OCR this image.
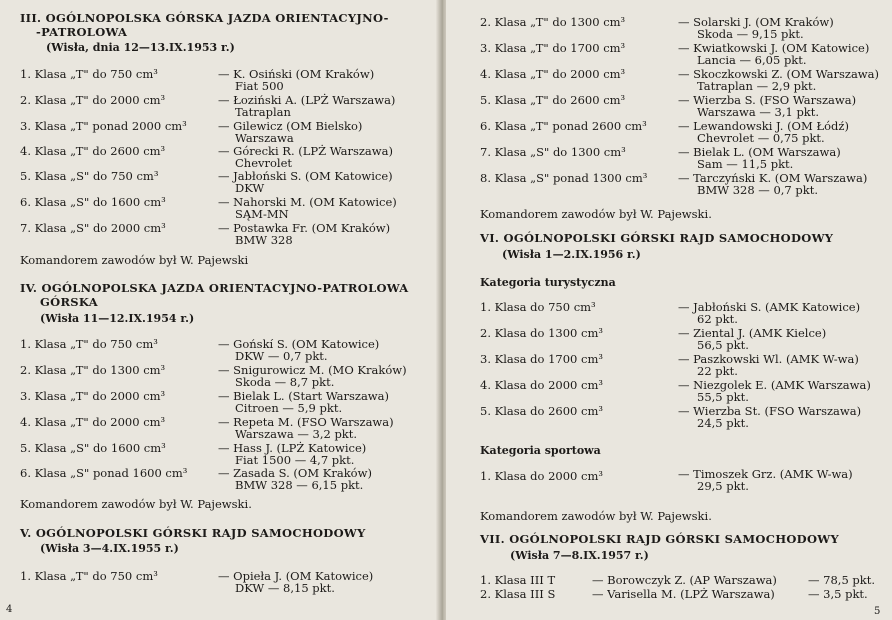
III. OGÓLNOPOLSKA GÓRSKA JAZDA ORIENTACYJNO-
-PATROLOWA
(Wisła, dnia 12—13.IX.1953 r.)
1. Klasa „T" do 750 cm³	— K. Osiński (OM Kraków)
Fiat 500
2. Klasa „T" do 2000 cm³	— Łoziński A. (LPŻ Warszawa)
Tatraplan
3. Klasa „T" ponad 2000 cm³	— Gilewicz (OM Bielsko)
Warszawa
4. Klasa „T" do 2600 cm³	— Górecki R. (LPŻ Warszawa)
Chevrolet
5. Klasa „S" do 750 cm³	— Jabłoński S. (OM Katowice)
DKW
6. Klasa „S" do 1600 cm³	— Nahorski M. (OM Katowice)
SĄM-MN
7. Klasa „S" do 2000 cm³	— Postawka Fr. (OM Kraków)
BMW 328
Komandorem zawodów był W. Pajewski
IV. OGÓLNOPOLSKA JAZDA ORIENTACYJNO-PATROLOWA
GÓRSKA
(Wisła 11—12.IX.1954 r.)
1. Klasa „T" do 750 cm³	— Gońskí S. (OM Katowice)
DKW — 0,7 pkt.
2. Klasa „T" do 1300 cm³	— Snigurowicz M. (MO Kraków)
Skoda — 8,7 pkt.
3. Klasa „T" do 2000 cm³	— Bielak L. (Start Warszawa)
Citroen — 5,9 pkt.
4. Klasa „T" do 2000 cm³	— Repeta M. (FSO Warszawa)
Warszawa — 3,2 pkt.
5. Klasa „S" do 1600 cm³	— Hass J. (LPŻ Katowice)
Fiat 1500 — 4,7 pkt.
6. Klasa „S" ponad 1600 cm³	— Zasada S. (OM Kraków)
BMW 328 — 6,15 pkt.
Komandorem zawodów był W. Pajewski.
V. OGÓLNOPOLSKI GÓRSKI RAJD SAMOCHODOWY
(Wisła 3—4.IX.1955 r.)
1. Klasa „T" do 750 cm³	— Opieła J. (OM Katowice)
DKW — 8,15 pkt.
4
2. Klasa „T" do 1300 cm³	— Solarski J. (OM Kraków)
Skoda — 9,15 pkt.
3. Klasa „T" do 1700 cm³	— Kwiatkowski J. (OM Katowice)
Lancia — 6,05 pkt.
4. Klasa „T" do 2000 cm³	— Skoczkowski Z. (OM Warszawa)
Tatraplan — 2,9 pkt.
5. Klasa „T" do 2600 cm³	— Wierzba S. (FSO Warszawa)
Warszawa — 3,1 pkt.
6. Klasa „T" ponad 2600 cm³	— Lewandowski J. (OM Łódź)
Chevrolet — 0,75 pkt.
7. Klasa „S" do 1300 cm³	— Bielak L. (OM Warszawa)
Sam — 11,5 pkt.
8. Klasa „S" ponad 1300 cm³	— Tarczyński K. (OM Warszawa)
BMW 328 — 0,7 pkt.
Komandorem zawodów był W. Pajewski.
VI. OGÓLNOPOLSKI GÓRSKI RAJD SAMOCHODOWY
(Wisła 1—2.IX.1956 r.)
Kategoria turystyczna
1. Klasa do 750 cm³	— Jabłoński S. (AMK Katowice)
62 pkt.
2. Klasa do 1300 cm³	— Ziental J. (AMK Kielce)
56,5 pkt.
3. Klasa do 1700 cm³	— Paszkowski Wl. (AMK W-wa)
22 pkt.
4. Klasa do 2000 cm³	— Niezgolek E. (AMK Warszawa)
55,5 pkt.
5. Klasa do 2600 cm³	— Wierzba St. (FSO Warszawa)
24,5 pkt.
Kategoria sportowa
1. Klasa do 2000 cm³	— Timoszek Grz. (AMK W-wa)
29,5 pkt.
Komandorem zawodów był W. Pajewski.
VII. OGÓLNOPOLSKI RAJD GÓRSKI SAMOCHODOWY
(Wisła 7—8.IX.1957 r.)
1. Klasa III T	— Borowczyk Z. (AP Warszawa)	— 78,5 pkt.
2. Klasa III S	— Varisella M. (LPŻ Warszawa)	— 3,5 pkt.
5
